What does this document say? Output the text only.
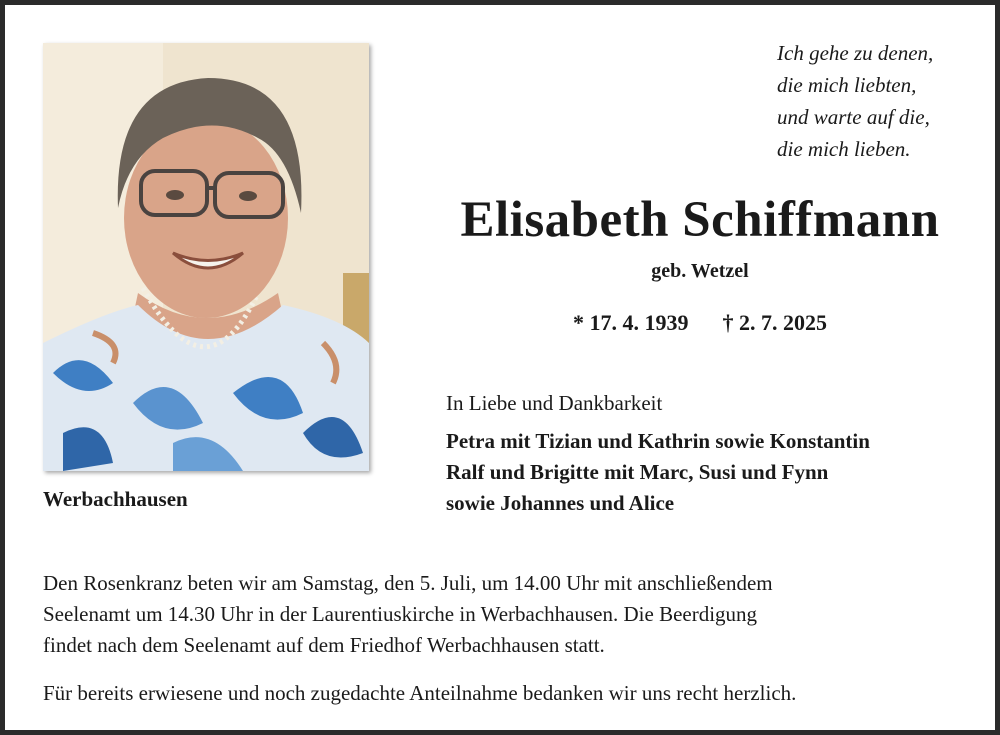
Werbachhausen
Ich gehe zu denen,
die mich liebten,
und warte auf die,
die mich lieben.
Elisabeth Schiffmann
geb. Wetzel
* 17. 4. 1939 † 2. 7. 2025
In Liebe und Dankbarkeit
Petra mit Tizian und Kathrin sowie Konstantin
Ralf und Brigitte mit Marc, Susi und Fynn
sowie Johannes und Alice
Den Rosenkranz beten wir am Samstag, den 5. Juli, um 14.00 Uhr mit anschließendem
Seelenamt um 14.30 Uhr in der Laurentiuskirche in Werbachhausen. Die Beerdigung
findet nach dem Seelenamt auf dem Friedhof Werbachhausen statt.
Für bereits erwiesene und noch zugedachte Anteilnahme bedanken wir uns recht herzlich.
